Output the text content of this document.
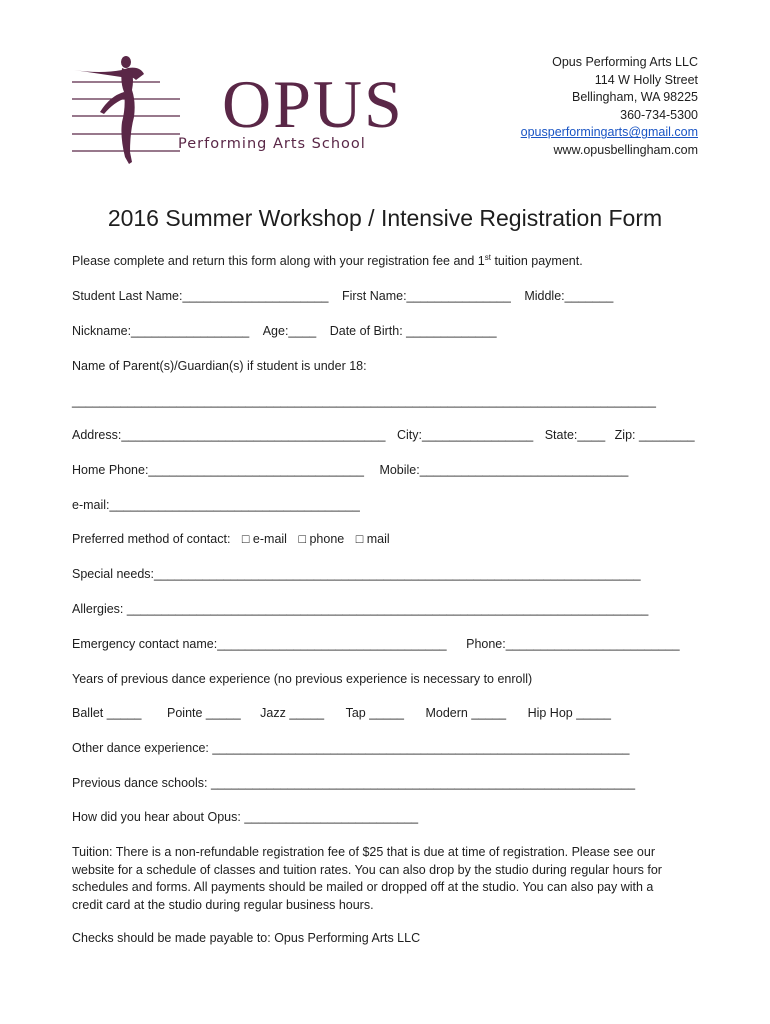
OPUS
Performing Arts School
Opus Performing Arts LLC
114 W Holly Street
Bellingham, WA 98225
360-734-5300
opusperformingarts@gmail.com
www.opusbellingham.com
2016 Summer Workshop / Intensive Registration Form
Please complete and return this form along with your registration fee and 1st tuition payment.
Student Last Name:_____________________ First Name:_______________ Middle:_______
Nickname:_________________ Age:____ Date of Birth: _____________
Name of Parent(s)/Guardian(s) if student is under 18:
____________________________________________________________________________________
Address:______________________________________ City:________________ State:____ Zip: ________
Home Phone:_______________________________ Mobile:______________________________
e-mail:____________________________________
Preferred method of contact: □ e-mail □ phone □ mail
Special needs:______________________________________________________________________
Allergies: ___________________________________________________________________________
Emergency contact name:_________________________________ Phone:_________________________
Years of previous dance experience (no previous experience is necessary to enroll)
Ballet _____ Pointe _____ Jazz _____ Tap _____ Modern _____ Hip Hop _____
Other dance experience: ____________________________________________________________
Previous dance schools: _____________________________________________________________
How did you hear about Opus: _________________________
Tuition: There is a non-refundable registration fee of $25 that is due at time of registration. Please see our website for a schedule of classes and tuition rates. You can also drop by the studio during regular hours for schedules and forms. All payments should be mailed or dropped off at the studio. You can also pay with a credit card at the studio during regular business hours.
Checks should be made payable to: Opus Performing Arts LLC
